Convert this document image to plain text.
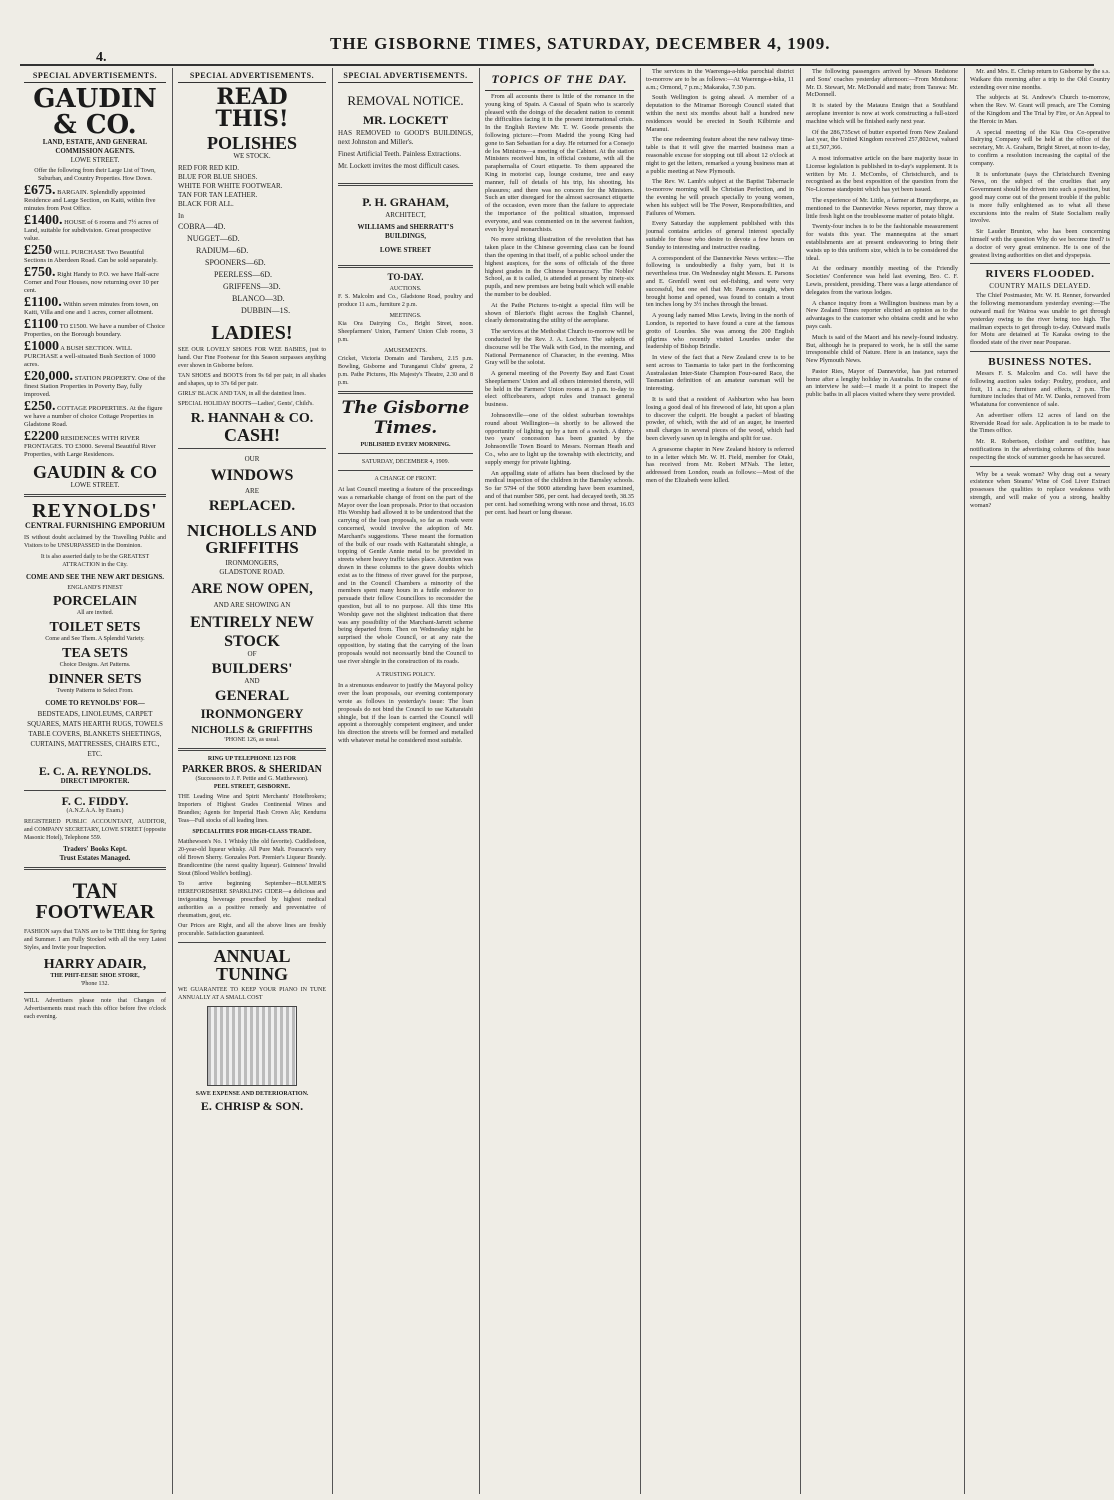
4.
THE GISBORNE TIMES, SATURDAY, DECEMBER 4, 1909.
SPECIAL ADVERTISEMENTS.
GAUDIN & CO.
LAND, ESTATE, AND GENERAL COMMISSION AGENTS.
LOWE STREET.
Offer the following from their Large List of Town, Suburban, and Country Properties. How Down.
£675. BARGAIN. Splendidly appointed Residence and Large Section, on Kaiti, within five minutes from Post Office.
£1400. HOUSE of 6 rooms and 7½ acres of Land, suitable for subdivision. Great prospective value.
£250 WILL PURCHASE Two Beautiful Sections in Aberdeen Road. Can be sold separately.
£750. Right Handy to P.O. we have Half-acre Corner and Four Houses, now returning over 10 per cent.
£1100. Within seven minutes from town, on Kaiti, Villa and one and 1 acres, corner allotment.
£1100 TO £1500. We have a number of Choice Properties, on the Borough boundary.
£1000 A BUSH SECTION. WILL PURCHASE a well-situated Bush Section of 1000 acres.
£20,000. STATION PROPERTY. One of the finest Station Properties in Poverty Bay, fully improved.
£250. COTTAGE PROPERTIES. At the figure we have a number of choice Cottage Properties in Gladstone Road.
£2200 RESIDENCES WITH RIVER FRONTAGES. TO £3000. Several Beautiful River Properties, with Large Residences.
GAUDIN & CO
LOWE STREET.
REYNOLDS'
CENTRAL FURNISHING EMPORIUM
IS without doubt acclaimed by the Travelling Public and Visitors to be UNSURPASSED in the Dominion.
It is also asserted daily to be the GREATEST ATTRACTION in the City.
COME AND SEE THE NEW ART DESIGNS.
ENGLAND'S FINEST
PORCELAIN
All are invited.
TOILET SETS
Come and See Them. A Splendid Variety.
TEA SETS
Choice Designs. Art Patterns.
DINNER SETS
Twenty Patterns to Select From.
COME TO REYNOLDS' FOR—
BEDSTEADS, LINOLEUMS, CARPET SQUARES, MATS HEARTH RUGS, TOWELS TABLE COVERS, BLANKETS SHEETINGS, CURTAINS, MATTRESSES, CHAIRS ETC., ETC.
E. C. A. REYNOLDS.
DIRECT IMPORTER.
F. C. FIDDY.
(A.N.Z.A.A. by Exam.)
REGISTERED PUBLIC ACCOUNTANT, AUDITOR, and COMPANY SECRETARY, LOWE STREET (opposite Masonic Hotel), Telephone 559.
Traders' Books Kept.
Trust Estates Managed.
TAN
FOOTWEAR
FASHION says that TANS are to be THE thing for Spring and Summer. I am Fully Stocked with all the very Latest Styles, and Invite your Inspection.
HARRY ADAIR,
THE PHIT-EESIE SHOE STORE,
'Phone 132.
WILL Advertisers please note that Changes of Advertisements must reach this office before five o'clock each evening.
SPECIAL ADVERTISEMENTS.
READ THIS!
POLISHES
WE STOCK.
RED FOR RED KID.
BLUE FOR BLUE SHOES.
WHITE FOR WHITE FOOTWEAR.
TAN FOR TAN LEATHER.
BLACK FOR ALL.
In
COBRA—4D.
NUGGET—6D.
RADIUM—6D.
SPOONERS—6D.
PEERLESS—6D.
GRIFFENS—3D.
BLANCO—3D.
DUBBIN—1S.
LADIES!
SEE OUR LOVELY SHOES FOR WEE BABIES, just to hand. Our Fine Footwear for this Season surpasses anything ever shown in Gisborne before.
TAN SHOES and BOOTS from 9s 6d per pair, in all shades and shapes, up to 37s 6d per pair.
GIRLS' BLACK AND TAN, in all the daintiest lines.
SPECIAL HOLIDAY BOOTS—Ladies', Gents', Child's.
R. HANNAH & CO.
CASH!
OUR
WINDOWS
ARE
REPLACED.
NICHOLLS AND GRIFFITHS
IRONMONGERS,
GLADSTONE ROAD.
ARE NOW OPEN,
AND ARE SHOWING AN
ENTIRELY NEW
STOCK
OF
BUILDERS'
AND
GENERAL
IRONMONGERY
NICHOLLS & GRIFFITHS
'PHONE 126, as usual.
RING UP TELEPHONE 123 FOR
PARKER BROS. & SHERIDAN
(Successors to J. F. Pettie and G. Matthewson).
PEEL STREET, GISBORNE.
THE Leading Wine and Spirit Merchants' Hotelbrokers; Importers of Highest Grades Continental Wines and Brandies; Agents for Imperial Hash Crown Ale; Kendurra Teas—Full stocks of all leading lines.
SPECIALITIES FOR HIGH-CLASS TRADE.
Matthewson's No. 1 Whisky (the old favorite). Cuddledoon, 20-year-old liqueur whisky. All Pure Malt. Fouracre's very old Brown Sherry. Gonzales Port. Premier's Liqueur Brandy. Brandicentine (the rarest quality liqueur). Guinness' Invalid Stout (Blood Wolfe's bottling).
To arrive beginning September—BULMER'S HEREFORDSHIRE SPARKLING CIDER—a delicious and invigorating beverage prescribed by highest medical authorities as a positive remedy and preventative of rheumatism, gout, etc.
Our Prices are Right, and all the above lines are freshly procurable. Satisfaction guaranteed.
ANNUAL
TUNING
WE GUARANTEE TO KEEP YOUR PIANO IN TUNE ANNUALLY AT A SMALL COST
SAVE EXPENSE AND DETERIORATION.
E. CHRISP & SON.
SPECIAL ADVERTISEMENTS.
REMOVAL NOTICE.
MR. LOCKETT
HAS REMOVED to GOOD'S BUILDINGS, next Johnston and Miller's.
Finest Artificial Teeth. Painless Extractions.
Mr. Lockett invites the most difficult cases.
P. H. GRAHAM,
ARCHITECT,
WILLIAMS and SHERRATT'S BUILDINGS,
LOWE STREET
TO-DAY.
AUCTIONS.
F. S. Malcolm and Co., Gladstone Road, poultry and produce 11 a.m., furniture 2 p.m.
MEETINGS.
Kia Ora Dairying Co., Bright Street, noon. Sheepfarmers' Union, Farmers' Union Club rooms, 3 p.m.
AMUSEMENTS.
Cricket, Victoria Domain and Taruheru, 2.15 p.m. Bowling, Gisborne and Turanganui Clubs' greens, 2 p.m. Pathe Pictures, His Majesty's Theatre, 2.30 and 8 p.m.
The Gisborne Times.
PUBLISHED EVERY MORNING.
SATURDAY, DECEMBER 4, 1909.
A CHANGE OF FRONT.
At last Council meeting a feature of the proceedings was a remarkable change of front on the part of the Mayor over the loan proposals. Prior to that occasion His Worship had allowed it to be understood that the carrying of the loan proposals, so far as roads were concerned, would involve the adoption of Mr. Marchant's suggestions. These meant the formation of the bulk of our roads with Kaitaratahi shingle, a topping of Gentle Annie metal to be provided in streets where heavy traffic takes place. Attention was drawn in these columns to the grave doubts which exist as to the fitness of river gravel for the purpose, and in the Council Chambers a minority of the members spent many hours in a futile endeavor to persuade their fellow Councillors to reconsider the question, but all to no purpose. All this time His Worship gave not the slightest indication that there was any possibility of the Marchant-Jarrett scheme being departed from. Then on Wednesday night he surprised the whole Council, or at any rate the opposition, by stating that the carrying of the loan proposals would not necessarily bind the Council to use river shingle in the construction of its roads.
A TRUSTING POLICY.
In a strenuous endeavor to justify the Mayoral policy over the loan proposals, our evening contemporary wrote as follows in yesterday's issue: The loan proposals do not bind the Council to use Kaitaratahi shingle, but if the loan is carried the Council will appoint a thoroughly competent engineer, and under his direction the streets will be formed and metalled with whatever metal he considered most suitable.
TOPICS OF THE DAY.

From all accounts there is little of the romance in the young king of Spain. A Casual of Spain who is scarcely pleased with the doings of the decadent nation to commit the difficulties facing it in the present international crisis. In the English Review Mr. T. W. Goode presents the following picture:—From Madrid the young King had gone to San Sebastian for a day. He returned for a Consejo de los Ministros—a meeting of the Cabinet. At the station Ministers received him, in official costume, with all the paraphernalia of Court etiquette. To them appeared the King in motorist cap, lounge costume, tree and easy manner, full of details of his trip, his shooting, his pleasures; and there was no concern for the Ministers. Such an utter disregard for the almost sacrosanct etiquette of the occasion, even more than the failure to appreciate the importance of the political situation, impressed everyone, and was commented on in the severest fashion, even by loyal monarchists.

No more striking illustration of the revolution that has taken place in the Chinese governing class can be found than the opening in that itself, of a public school under the highest auspices, for the sons of officials of the three highest grades in the Chinese bureaucracy. The Nobles' School, as it is called, is attended at present by ninety-six pupils, and new premises are being built which will enable the number to be doubled.

At the Pathe Pictures to-night a special film will be shown of Bleriot's flight across the English Channel, clearly demonstrating the utility of the aeroplane.

The services at the Methodist Church to-morrow will be conducted by the Rev. J. A. Lochore. The subjects of discourse will be The Walk with God, in the morning, and National Permanence of Character, in the evening. Miss Gray will be the soloist.

A general meeting of the Poverty Bay and East Coast Sheepfarmers' Union and all others interested therein, will be held in the Farmers' Union rooms at 3 p.m. to-day to elect officebearers, adopt rules and transact general business.

Johnsonville—one of the oldest suburban townships round about Wellington—is shortly to be allowed the opportunity of lighting up by a turn of a switch. A thirty-two years' concession has been granted by the Johnsonville Town Board to Messrs. Norman Heath and Co., who are to light up the township with electricity, and supply energy for private lighting.

An appalling state of affairs has been disclosed by the medical inspection of the children in the Barnsley schools. So far 5794 of the 9000 attending have been examined, and of that number 586, per cent. had decayed teeth, 38.35 per cent. had something wrong with nose and throat, 16.03 per cent. had heart or lung disease.

The services in the Waerenga-a-hika parochial district to-morrow are to be as follows:—At Waerenga-a-hika, 11 a.m.; Ormond, 7 p.m.; Makaraka, 7.30 p.m.

South Wellington is going ahead. A member of a deputation to the Miramar Borough Council stated that within the next six months about half a hundred new residences would be erected in South Kilbirnie and Maranui.

The one redeeming feature about the new railway time-table is that it will give the married business man a reasonable excuse for stopping out till about 12 o'clock at night to get the letters, remarked a young business man at a public meeting at New Plymouth.

The Rev. W. Lamb's subject at the Baptist Tabernacle to-morrow morning will be Christian Perfection, and in the evening he will preach specially to young women, when his subject will be The Power, Responsibilities, and Failures of Women.

Every Saturday the supplement published with this journal contains articles of general interest specially suitable for those who desire to devote a few hours on Sunday to interesting and instructive reading.

A correspondent of the Dannevirke News writes:—The following is undoubtedly a fishy yarn, but it is nevertheless true. On Wednesday night Messrs. E. Parsons and E. Grenfell went out eel-fishing, and were very successful, but one eel that Mr. Parsons caught, when brought home and opened, was found to contain a trout ten inches long by 3½ inches through the breast.

A young lady named Miss Lewis, living in the north of London, is reported to have found a cure at the famous grotto of Lourdes. She was among the 200 English pilgrims who recently visited Lourdes under the leadership of Bishop Brindle.

In view of the fact that a New Zealand crew is to be sent across to Tasmania to take part in the forthcoming Australasian Inter-State Champion Four-oared Race, the Tasmanian definition of an amateur oarsman will be interesting.

It is said that a resident of Ashburton who has been losing a good deal of his firewood of late, hit upon a plan to discover the culprit. He bought a packet of blasting powder, of which, with the aid of an auger, he inserted small charges in several pieces of the wood, which had been cleverly sawn up in lengths and split for use.

A gruesome chapter in New Zealand history is referred to in a letter which Mr. W. H. Field, member for Otaki, has received from Mr. Robert M'Nab. The letter, addressed from London, reads as follows:—Most of the men of the Elizabeth were killed.

The following passengers arrived by Messrs Redstone and Sons' coaches yesterday afternoon:—From Motuhora: Mr. D. Stewart, Mr. McDonald and mate; from Tarawa: Mr. McDonnell.

It is stated by the Mataura Ensign that a Southland aeroplane inventor is now at work constructing a full-sized machine which will be finished early next year.

Of the 286,735cwt of butter exported from New Zealand last year, the United Kingdom received 257,802cwt, valued at £1,507,366.

A most informative article on the bare majority issue in License legislation is published in to-day's supplement. It is written by Mr. J. McCombs, of Christchurch, and is recognised as the best exposition of the question from the No-License standpoint which has yet been issued.

The experience of Mr. Little, a farmer at Bunnythorpe, as mentioned to the Dannevirke News reporter, may throw a little fresh light on the troublesome matter of potato blight.

Twenty-four inches is to be the fashionable measurement for waists this year. The mannequins at the smart establishments are at present endeavoring to bring their waists up to this uniform size, which is to be considered the ideal.

At the ordinary monthly meeting of the Friendly Societies' Conference was held last evening, Bro. C. F. Lewis, president, presiding. There was a large attendance of delegates from the various lodges.

A chance inquiry from a Wellington business man by a New Zealand Times reporter elicited an opinion as to the advantages to the customer who obtains credit and he who pays cash.

Much is said of the Maori and his newly-found industry. But, although he is prepared to work, he is still the same irresponsible child of Nature. Here is an instance, says the New Plymouth News.

Pastor Ries, Mayor of Dannevirke, has just returned home after a lengthy holiday in Australia. In the course of an interview he said:—I made it a point to inspect the public baths in all places visited where they were provided.

Mr. and Mrs. E. Chrisp return to Gisborne by the s.s. Waikare this morning after a trip to the Old Country extending over nine months.

The subjects at St. Andrew's Church to-morrow, when the Rev. W. Grant will preach, are The Coming of the Kingdom and The Trial by Fire, or An Appeal to the Heroic in Man.

A special meeting of the Kia Ora Co-operative Dairying Company will be held at the office of the secretary, Mr. A. Graham, Bright Street, at noon to-day, to confirm a resolution increasing the capital of the company.

It is unfortunate (says the Christchurch Evening News, on the subject of the cruelties that any Government should be driven into such a position, but good may come out of the present trouble if the public is more fully enlightened as to what all these excursions into the realm of State Socialism really involve.

Sir Lauder Brunton, who has been concerning himself with the question Why do we become tired? is a doctor of very great eminence. He is one of the greatest living authorities on diet and dyspepsia.

RIVERS FLOODED.
COUNTRY MAILS DELAYED.

The Chief Postmaster, Mr. W. H. Renner, forwarded the following memorandum yesterday evening:—The outward mail for Wairoa was unable to get through yesterday owing to the river being too high. The mailman expects to get through to-day. Outward mails for Motu are detained at Te Karaka owing to the flooded state of the river near Pouparae.

BUSINESS NOTES.

Messrs F. S. Malcolm and Co. will have the following auction sales today: Poultry, produce, and fruit, 11 a.m.; furniture and effects, 2 p.m. The furniture includes that of Mr. W. Danks, removed from Whatatuna for convenience of sale.

An advertiser offers 12 acres of land on the Riverside Road for sale. Application is to be made to the Times office.

Mr. R. Robertson, clothier and outfitter, has notifications in the advertising columns of this issue respecting the stock of summer goods he has secured.

Why be a weak woman? Why drag out a weary existence when Steams' Wine of Cod Liver Extract possesses the qualities to replace weakness with strength, and will make of you a strong, healthy woman?
